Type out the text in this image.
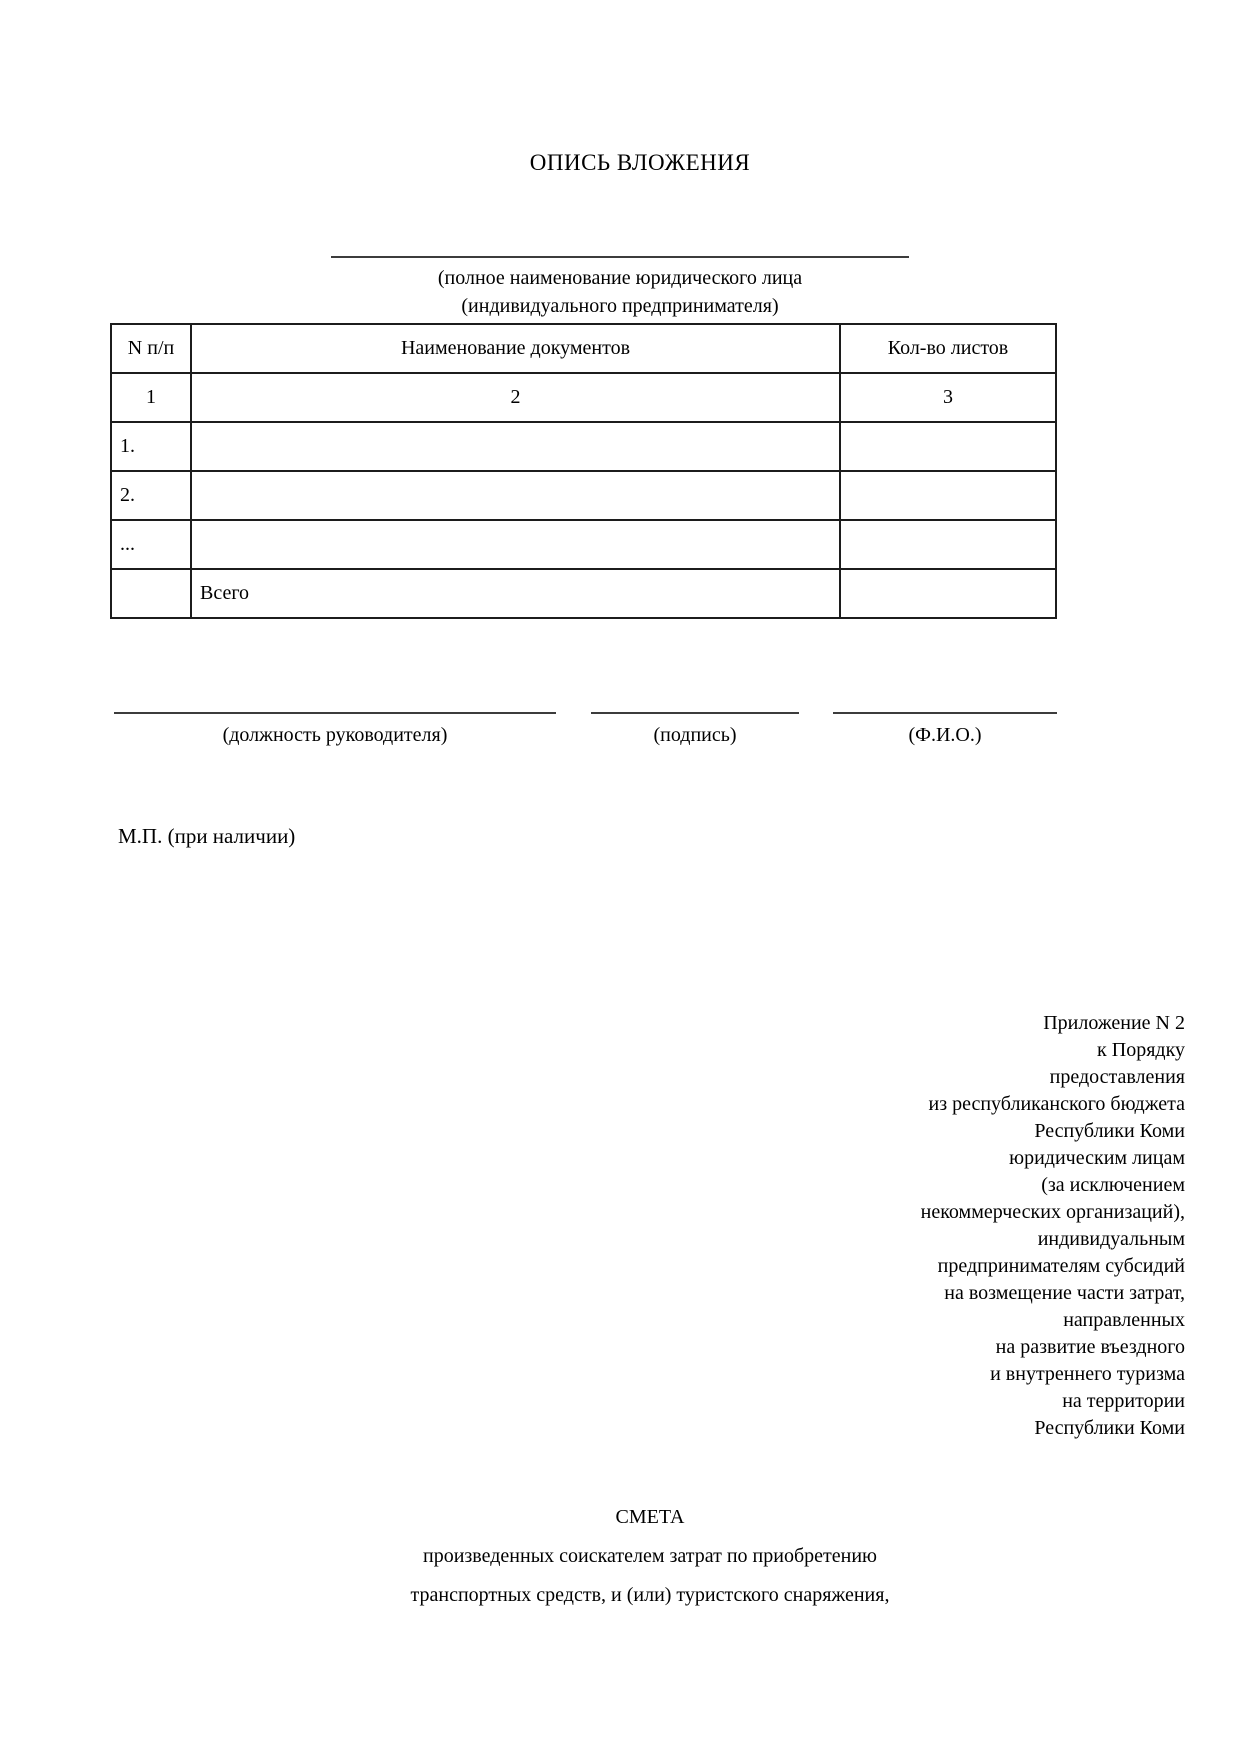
ОПИСЬ ВЛОЖЕНИЯ
(полное наименование юридического лица
(индивидуального предпринимателя)
N п/п	Наименование документов	Кол-во листов
1	2	3
1.		
2.		
...		
	Всего	
(должность руководителя)	(подпись)	(Ф.И.О.)
М.П. (при наличии)
Приложение N 2
к Порядку
предоставления
из республиканского бюджета
Республики Коми
юридическим лицам
(за исключением
некоммерческих организаций),
индивидуальным
предпринимателям субсидий
на возмещение части затрат,
направленных
на развитие въездного
и внутреннего туризма
на территории
Республики Коми
СМЕТА
произведенных соискателем затрат по приобретению
транспортных средств, и (или) туристского снаряжения,
